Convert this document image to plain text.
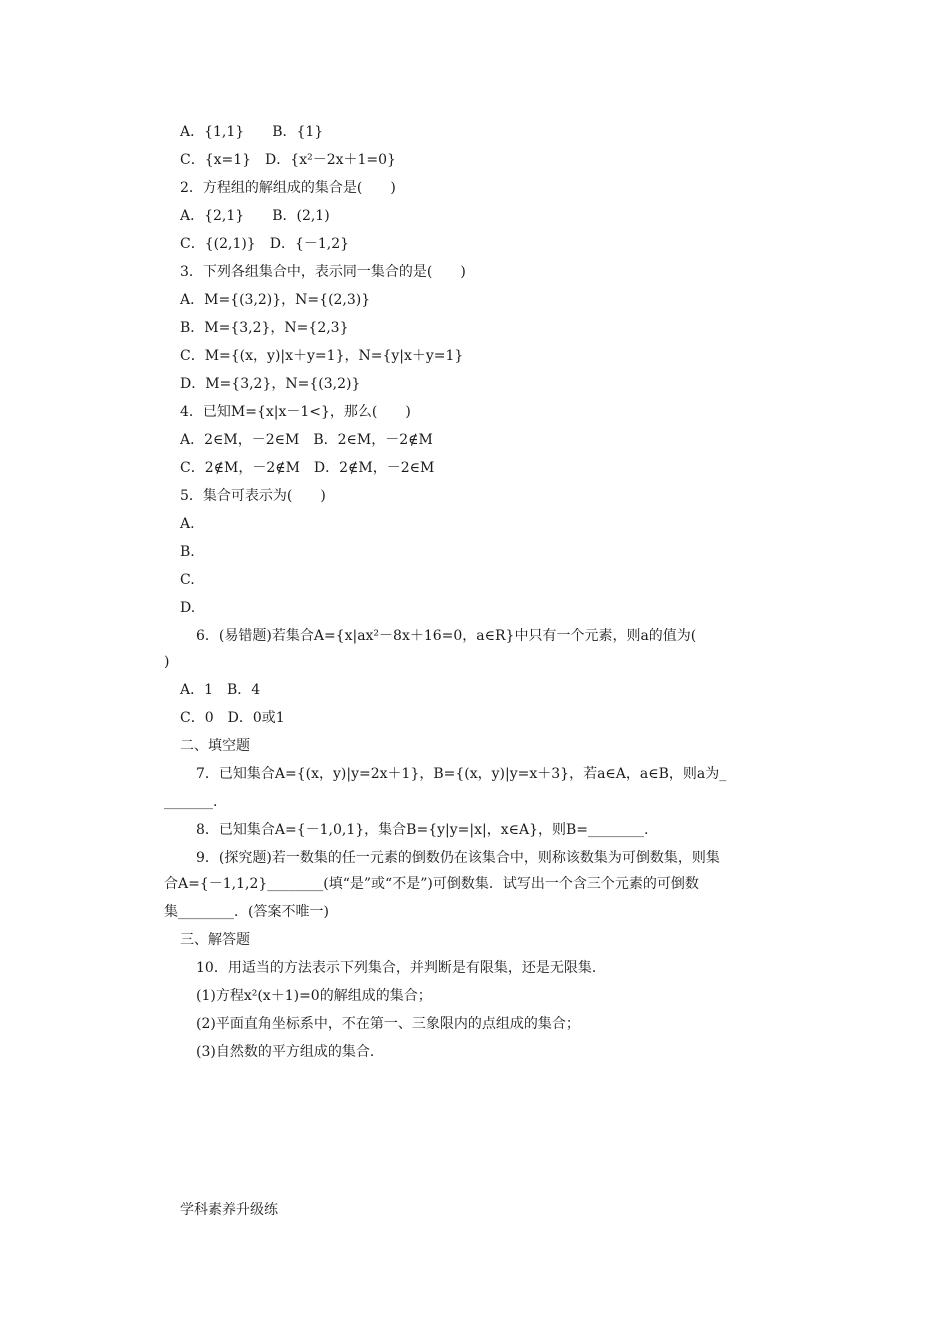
A．{1,1}　　B．{1}
C．{x=1}　D．{x²－2x＋1=0}
2．方程组的解组成的集合是(　　)
A．{2,1}　　B．(2,1)
C．{(2,1)}　D．{－1,2}
3．下列各组集合中，表示同一集合的是(　　)
A．M={(3,2)}，N={(2,3)}
B．M={3,2}，N={2,3}
C．M={(x，y)|x＋y=1}，N={y|x＋y=1}
D．M={3,2}，N={(3,2)}
4．已知M={x|x－1<}，那么(　　)
A．2∈M，－2∈M　B．2∈M，－2∉M
C．2∉M，－2∉M　D．2∉M，－2∈M
5．集合可表示为(　　)
A.
B.
C.
D.
6．(易错题)若集合A={x|ax²－8x＋16=0，a∈R}中只有一个元素，则a的值为(
)
A．1　B．4
C．0　D．0或1
二、填空题
7．已知集合A={(x，y)|y=2x＋1}，B={(x，y)|y=x＋3}，若a∈A，a∈B，则a为_
_______.
8．已知集合A={－1,0,1}，集合B={y|y=|x|，x∈A}，则B=________.
9．(探究题)若一数集的任一元素的倒数仍在该集合中，则称该数集为可倒数集，则集
合A={－1,1,2}________(填“是”或“不是”)可倒数集．试写出一个含三个元素的可倒数
集________．(答案不唯一)
三、解答题
10．用适当的方法表示下列集合，并判断是有限集，还是无限集．
(1)方程x²(x＋1)=0的解组成的集合；
(2)平面直角坐标系中，不在第一、三象限内的点组成的集合；
(3)自然数的平方组成的集合．
学科素养升级练
